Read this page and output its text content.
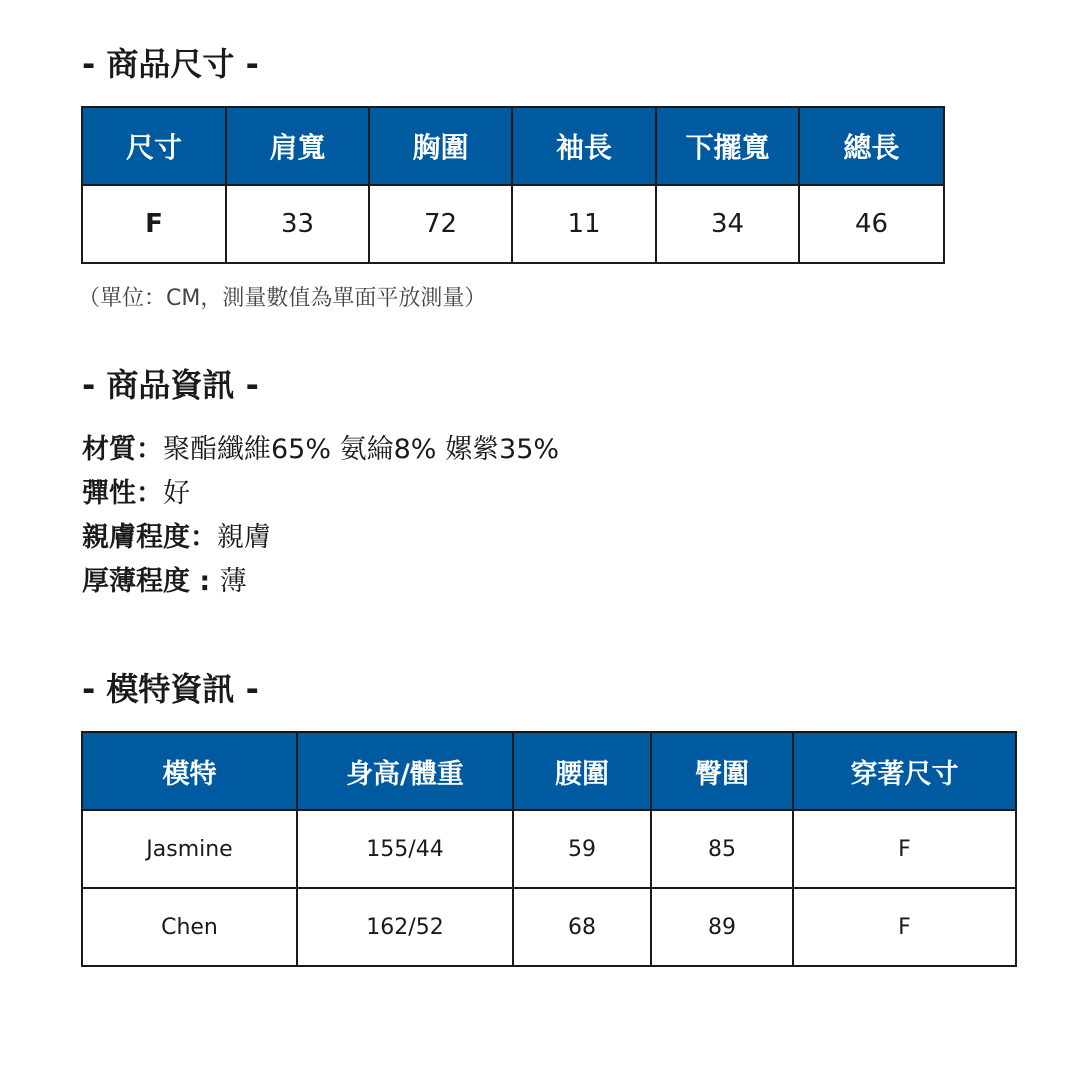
- 商品尺寸 -
尺寸	肩寬	胸圍	袖長	下擺寬	總長
F	33	72	11	34	46

（單位：CM，測量數值為單面平放測量）

- 商品資訊 -
材質：聚酯纖維65% 氨綸8% 嫘縈35%
彈性：好
親膚程度：親膚
厚薄程度 : 薄
- 模特資訊 -
模特	身高/體重	腰圍	臀圍	穿著尺寸
Jasmine	155/44	59	85	F
Chen	162/52	68	89	F
